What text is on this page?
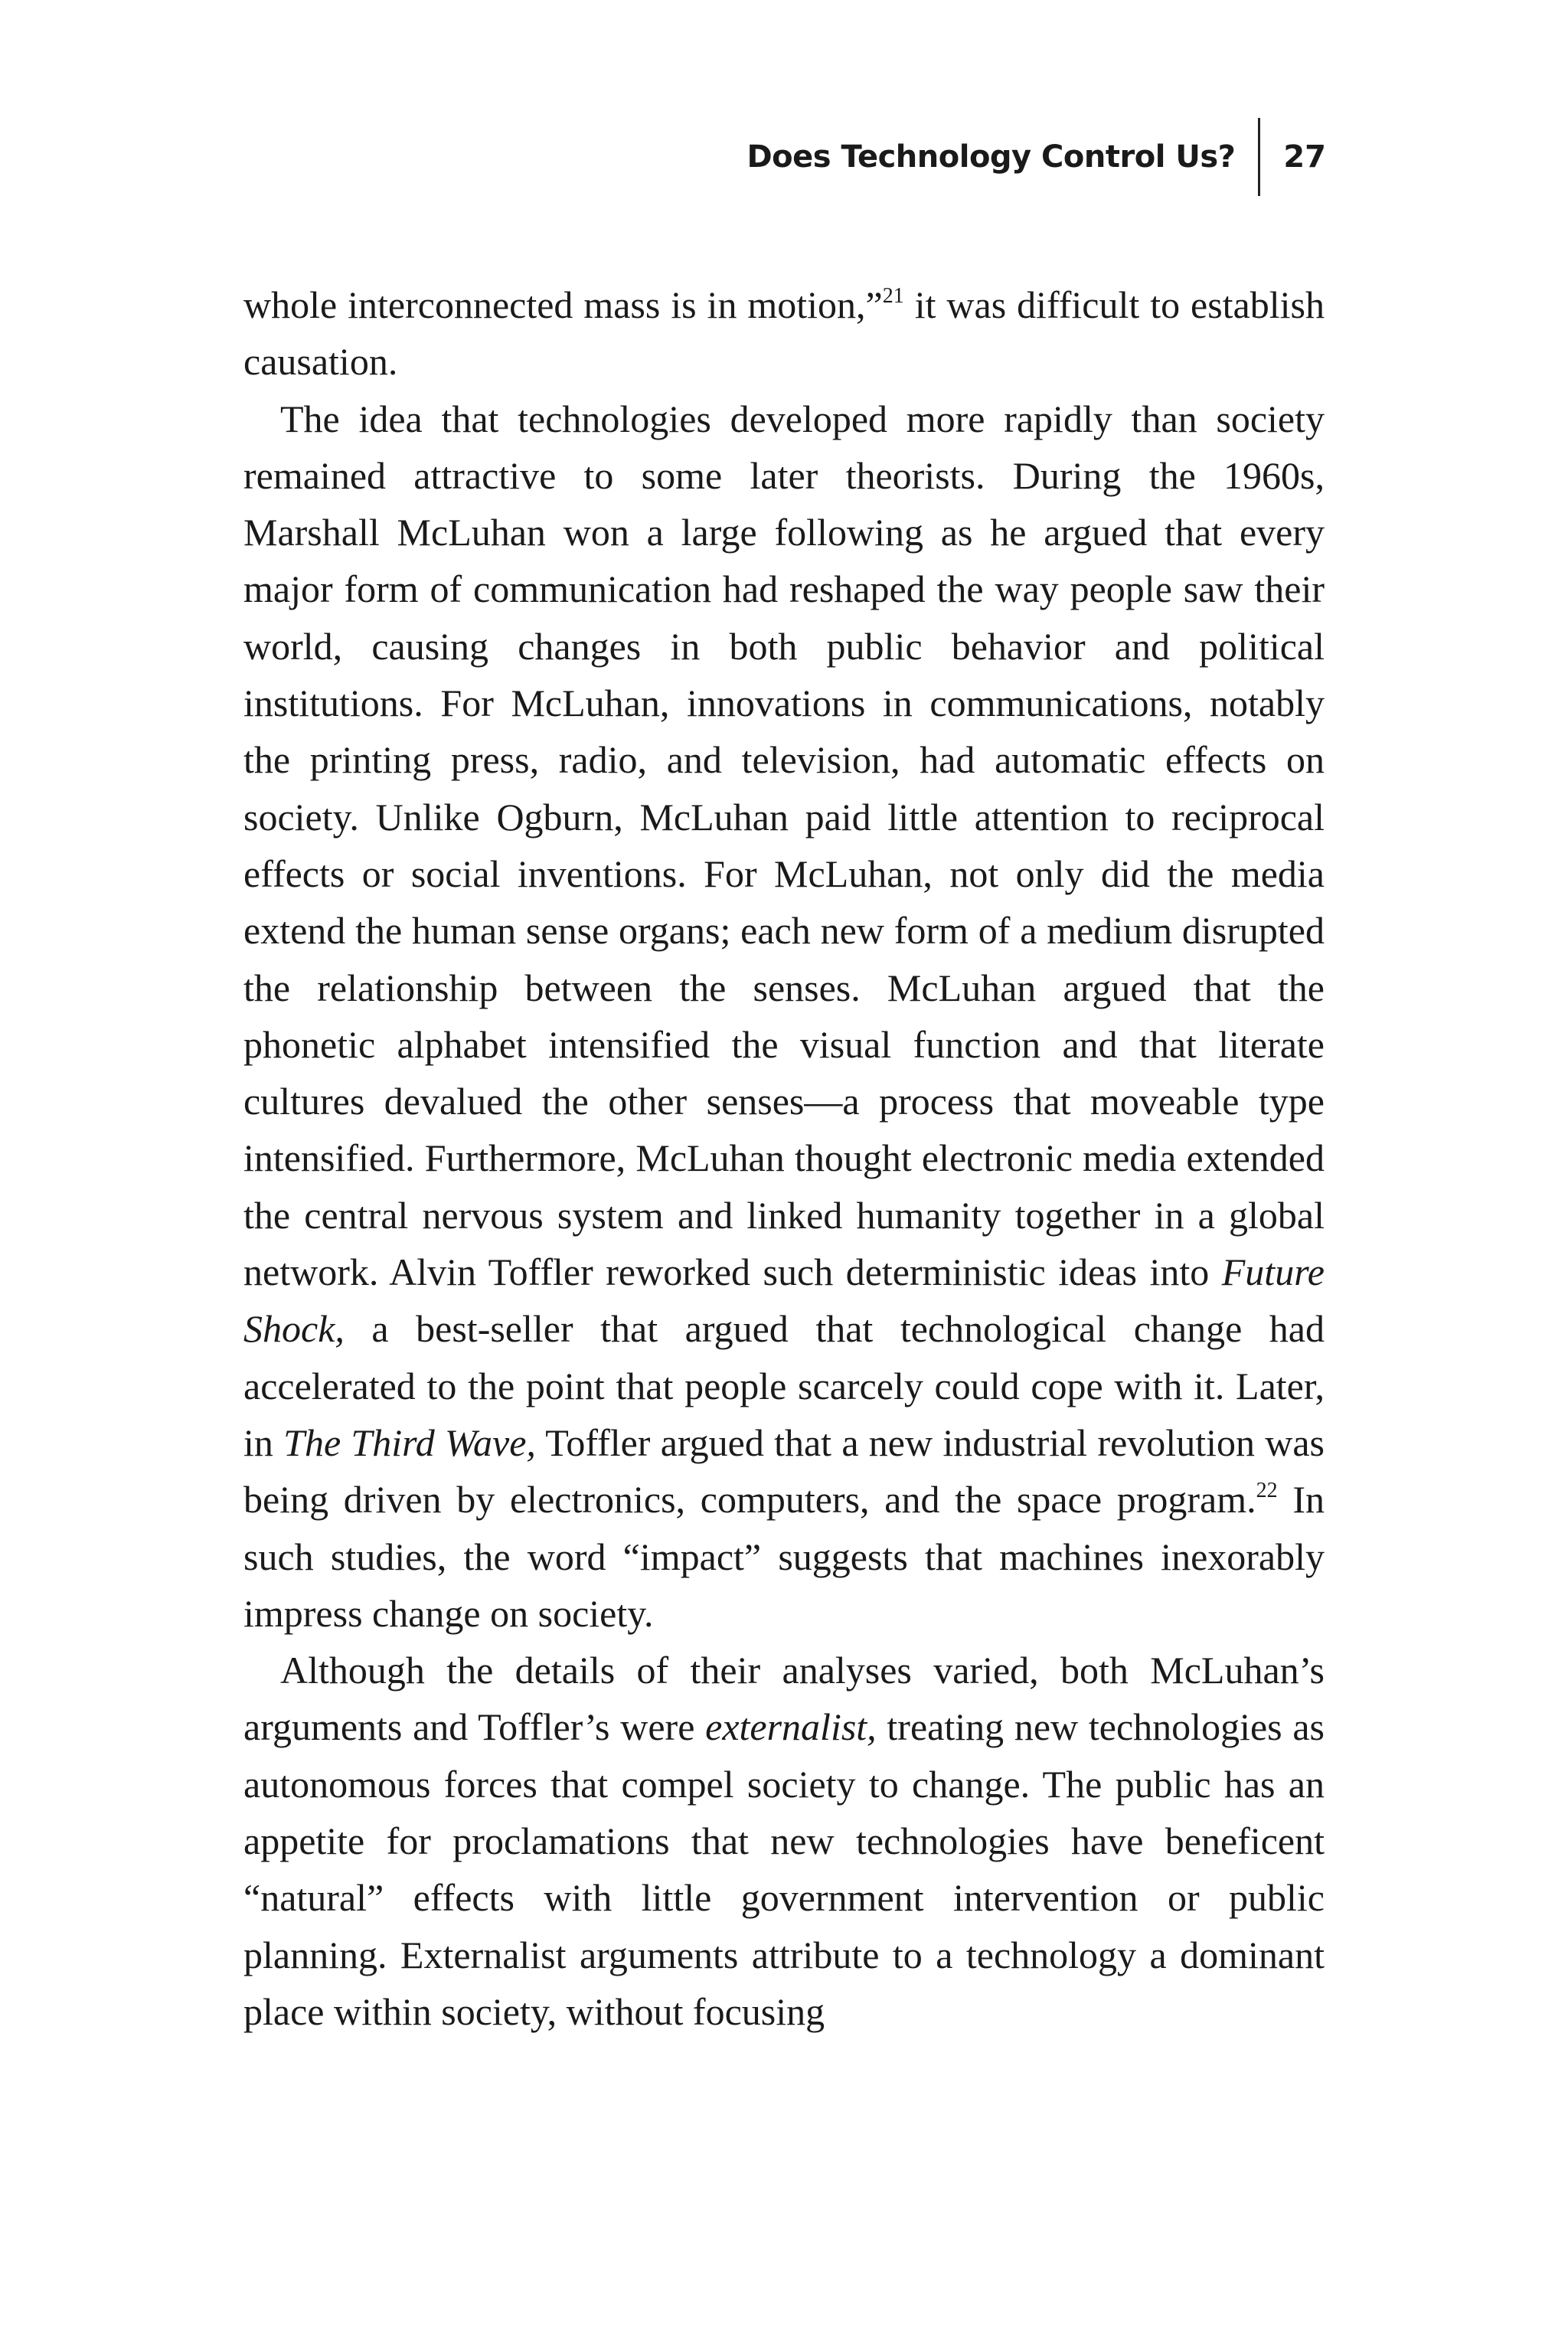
Does Technology Control Us?	27

whole interconnected mass is in motion,”$^{21}$ it was difficult to establish causation.

The idea that technologies developed more rapidly than society remained attractive to some later theorists. During the 1960s, Marshall McLuhan won a large following as he argued that every major form of communication had reshaped the way people saw their world, causing changes in both public behavior and political institutions. For McLuhan, innovations in communications, notably the printing press, radio, and television, had automatic effects on society. Unlike Ogburn, McLuhan paid little attention to reciprocal effects or social inventions. For McLuhan, not only did the media extend the human sense organs; each new form of a medium disrupted the relationship between the senses. McLuhan argued that the phonetic alphabet intensified the visual function and that literate cultures devalued the other senses—a process that moveable type intensified. Furthermore, McLuhan thought electronic media extended the central nervous system and linked humanity together in a global network. Alvin Toffler reworked such deterministic ideas into Future Shock, a best-seller that argued that technological change had accelerated to the point that people scarcely could cope with it. Later, in The Third Wave, Toffler argued that a new industrial revolution was being driven by electronics, computers, and the space program.$^{22}$ In such studies, the word “impact” suggests that machines inexorably impress change on society.

Although the details of their analyses varied, both McLuhan’s arguments and Toffler’s were externalist, treating new technologies as autonomous forces that compel society to change. The public has an appetite for proclamations that new technologies have beneficent “natural” effects with little government intervention or public planning. Externalist arguments attribute to a technology a dominant place within society, without focusing
